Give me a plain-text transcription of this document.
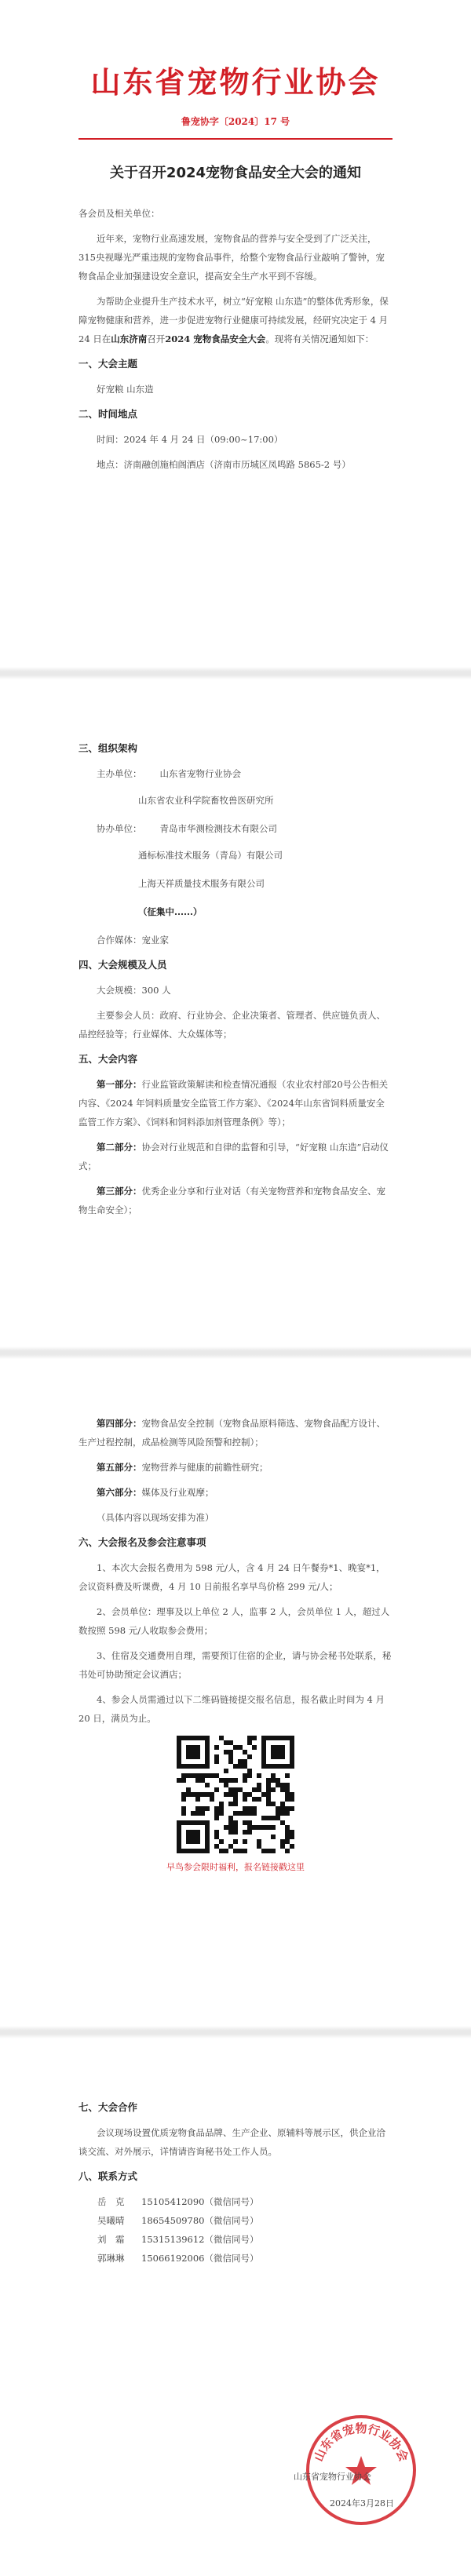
山东省宠物行业协会
鲁宠协字〔2024〕17 号
关于召开2024宠物食品安全大会的通知

各会员及相关单位：

近年来，宠物行业高速发展，宠物食品的营养与安全受到了广泛关注，315央视曝光严重违规的宠物食品事件，给整个宠物食品行业敲响了警钟，宠物食品企业加强建设安全意识，提高安全生产水平到不容缓。

为帮助企业提升生产技术水平，树立“好宠粮 山东造”的整体优秀形象，保障宠物健康和营养，进一步促进宠物行业健康可持续发展，经研究决定于 4 月 24 日在山东济南召开2024 宠物食品安全大会。现将有关情况通知如下：

一、大会主题

好宠粮 山东造

二、时间地点

时间：2024 年 4 月 24 日（09:00~17:00）

地点：济南融创施柏阁酒店（济南市历城区凤鸣路 5865-2 号）

三、组织架构
主办单位：	山东省宠物行业协会
山东省农业科学院畜牧兽医研究所
协办单位：	青岛市华测检测技术有限公司
通标标准技术服务（青岛）有限公司
上海天祥质量技术服务有限公司
（征集中......）

合作媒体：宠业家

四、大会规模及人员

大会规模：300 人

主要参会人员：政府、行业协会、企业决策者、管理者、供应链负责人、品控经验等；行业媒体、大众媒体等；

五、大会内容

第一部分：行业监管政策解读和检查情况通报（农业农村部20号公告相关内容、《2024 年饲料质量安全监管工作方案》、《2024年山东省饲料质量安全监管工作方案》、《饲料和饲料添加剂管理条例》等）；

第二部分：协会对行业规范和自律的监督和引导，“好宠粮 山东造”启动仪式；

第三部分：优秀企业分享和行业对话（有关宠物营养和宠物食品安全、宠物生命安全）；

第四部分：宠物食品安全控制（宠物食品原料筛选、宠物食品配方设计、生产过程控制，成品检测等风险预警和控制）；

第五部分：宠物营养与健康的前瞻性研究；

第六部分：媒体及行业观摩；

（具体内容以现场安排为准）

六、大会报名及参会注意事项

1、本次大会报名费用为 598 元/人，含 4 月 24 日午餐券*1、晚宴*1，会议资料费及听课费，4 月 10 日前报名享早鸟价格 299 元/人；

2、会员单位：理事及以上单位 2 人，监事 2 人，会员单位 1 人，超过人数按照 598 元/人收取参会费用；

3、住宿及交通费用自理，需要预订住宿的企业，请与协会秘书处联系，秘书处可协助预定会议酒店；

4、参会人员需通过以下二维码链接提交报名信息，报名截止时间为 4 月 20 日，满员为止。

早鸟参会限时福利，报名链接戳这里
七、大会合作

会议现场设置优质宠物食品品牌、生产企业、原辅料等展示区，供企业洽谈交流、对外展示，详情请咨询秘书处工作人员。

八、联系方式
岳　克 15105412090（微信同号）
吴曦晴 18654509780（微信同号）
刘　霜 15315139612（微信同号）
郭琳琳 15066192006（微信同号）
山东省宠物行业协会
山东省宠物行业协会
2024年3月28日
